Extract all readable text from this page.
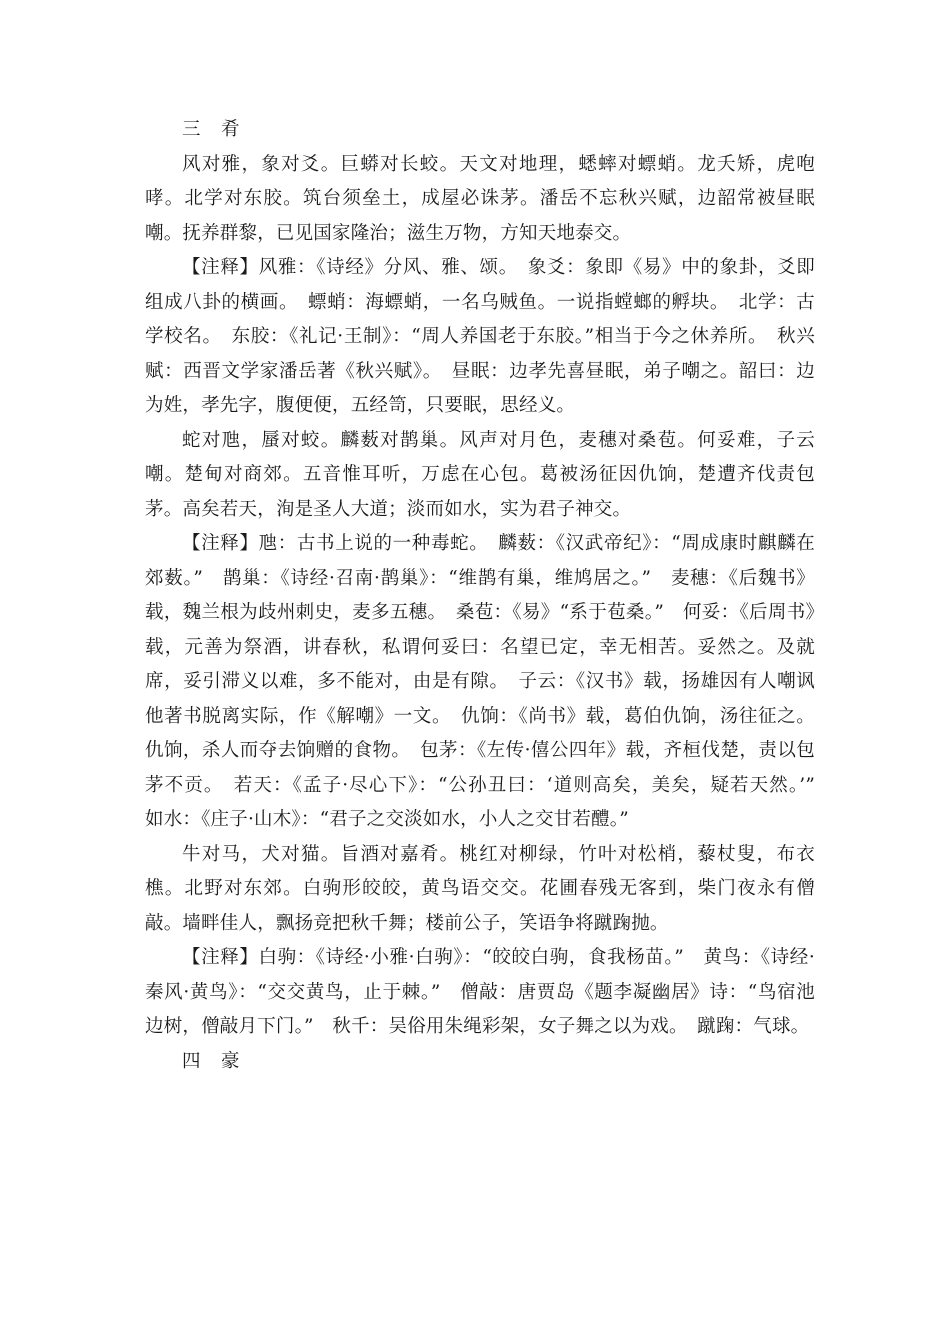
三 肴

风对雅，象对爻。巨蟒对长蛟。天文对地理，蟋蟀对螵蛸。龙夭矫，虎咆哮。北学对东胶。筑台须垒土，成屋必诛茅。潘岳不忘秋兴赋，边韶常被昼眠嘲。抚养群黎，已见国家隆治；滋生万物，方知天地泰交。

【注释】风雅：《诗经》分风、雅、颂。　象爻：象即《易》中的象卦，爻即组成八卦的横画。　螵蛸：海螵蛸，一名乌贼鱼。一说指螳螂的孵块。　北学：古学校名。　东胶：《礼记·王制》：“周人养国老于东胶。”相当于今之休养所。　秋兴赋：西晋文学家潘岳著《秋兴赋》。　昼眠：边孝先喜昼眠，弟子嘲之。韶曰：边为姓，孝先字，腹便便，五经笥，只要眠，思经义。

蛇对虺，蜃对蛟。麟薮对鹊巢。风声对月色，麦穗对桑苞。何妥难，子云嘲。楚甸对商郊。五音惟耳听，万虑在心包。葛被汤征因仇饷，楚遭齐伐责包茅。高矣若天，洵是圣人大道；淡而如水，实为君子神交。

【注释】虺：古书上说的一种毒蛇。　麟薮：《汉武帝纪》：“周成康时麒麟在郊薮。”　鹊巢：《诗经·召南·鹊巢》：“维鹊有巢，维鸠居之。”　麦穗：《后魏书》载，魏兰根为歧州刺史，麦多五穗。　桑苞：《易》“系于苞桑。”　何妥：《后周书》载，元善为祭酒，讲春秋，私谓何妥曰：名望已定，幸无相苦。妥然之。及就席，妥引滞义以难，多不能对，由是有隙。　子云：《汉书》载，扬雄因有人嘲讽他著书脱离实际，作《解嘲》一文。　仇饷：《尚书》载，葛伯仇饷，汤往征之。仇饷，杀人而夺去饷赠的食物。　包茅：《左传·僖公四年》载，齐桓伐楚，责以包茅不贡。　若天：《孟子·尽心下》：“公孙丑曰：‘道则高矣，美矣，疑若天然。’”　如水：《庄子·山木》：“君子之交淡如水，小人之交甘若醴。”

牛对马，犬对猫。旨酒对嘉肴。桃红对柳绿，竹叶对松梢，藜杖叟，布衣樵。北野对东郊。白驹形皎皎，黄鸟语交交。花圃春残无客到，柴门夜永有僧敲。墙畔佳人，飘扬竞把秋千舞；楼前公子，笑语争将蹴踘抛。

【注释】白驹：《诗经·小雅·白驹》：“皎皎白驹，食我杨苗。”　黄鸟：《诗经·秦风·黄鸟》：“交交黄鸟，止于棘。”　僧敲：唐贾岛《题李凝幽居》诗：“鸟宿池边树，僧敲月下门。”　秋千：吴俗用朱绳彩架，女子舞之以为戏。　蹴踘：气球。

四 豪
